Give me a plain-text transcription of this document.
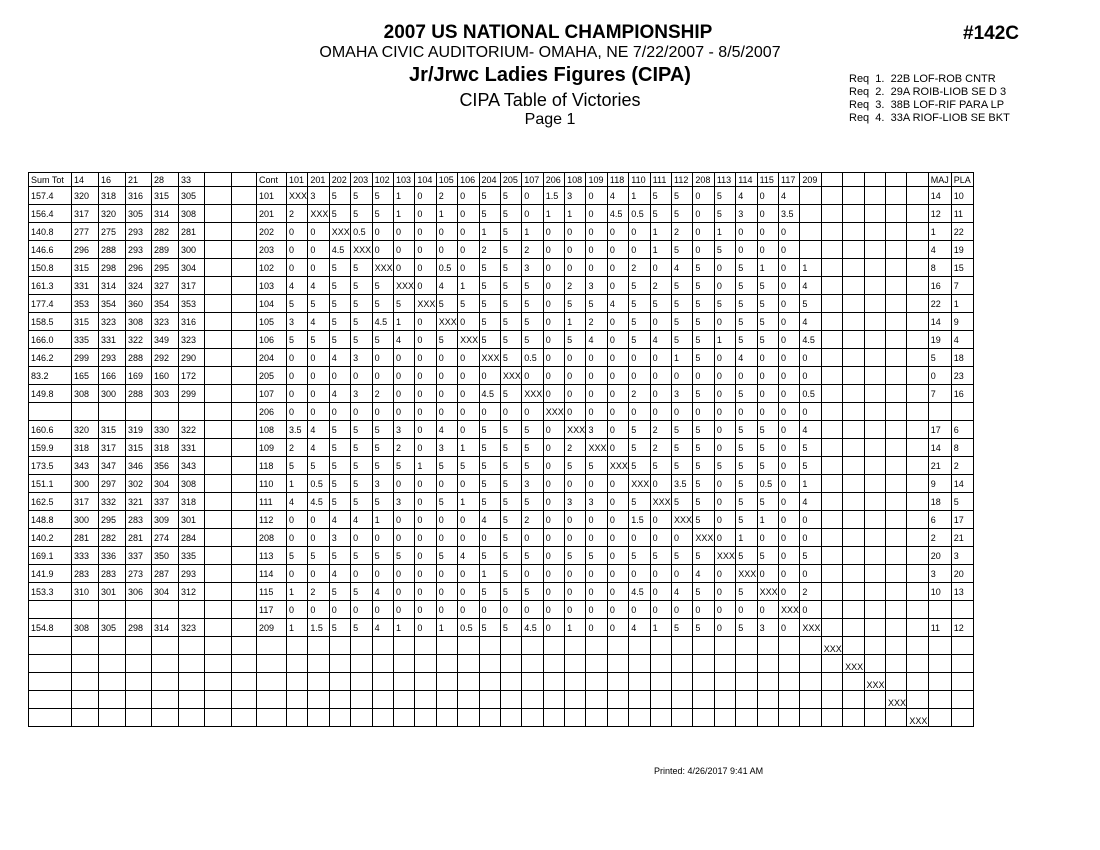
2007 US NATIONAL CHAMPIONSHIP
OMAHA CIVIC AUDITORIUM- OMAHA, NE 7/22/2007 - 8/5/2007
Jr/Jrwc Ladies Figures (CIPA)
CIPA Table of Victories
Page 1
#142C
Req  1.  22B LOF-ROB CNTR
Req  2.  29A ROIB-LIOB SE D 3
Req  3.  38B LOF-RIF PARA LP
Req  4.  33A RIOF-LIOB SE BKT
Sum Tot	14	16	21	28	33			Cont	101	201	202	203	102	103	104	105	106	204	205	107	206	108	109	118	110	111	112	208	113	114	115	117	209						MAJ	PLA
157.4	320	318	316	315	305			101	XXX	3	5	5	5	1	0	2	0	5	5	0	1.5	3	0	4	1	5	5	0	5	4	0	4							14	10
156.4	317	320	305	314	308			201	2	XXX	5	5	5	1	0	1	0	5	5	0	1	1	0	4.5	0.5	5	5	0	5	3	0	3.5							12	11
140.8	277	275	293	282	281			202	0	0	XXX	0.5	0	0	0	0	0	1	5	1	0	0	0	0	0	1	2	0	1	0	0	0							1	22
146.6	296	288	293	289	300			203	0	0	4.5	XXX	0	0	0	0	0	2	5	2	0	0	0	0	0	1	5	0	5	0	0	0							4	19
150.8	315	298	296	295	304			102	0	0	5	5	XXX	0	0	0.5	0	5	5	3	0	0	0	0	2	0	4	5	0	5	1	0	1						8	15
161.3	331	314	324	327	317			103	4	4	5	5	5	XXX	0	4	1	5	5	5	0	2	3	0	5	2	5	5	0	5	5	0	4						16	7
177.4	353	354	360	354	353			104	5	5	5	5	5	5	XXX	5	5	5	5	5	0	5	5	4	5	5	5	5	5	5	5	0	5						22	1
158.5	315	323	308	323	316			105	3	4	5	5	4.5	1	0	XXX	0	5	5	5	0	1	2	0	5	0	5	5	0	5	5	0	4						14	9
166.0	335	331	322	349	323			106	5	5	5	5	5	4	0	5	XXX	5	5	5	0	5	4	0	5	4	5	5	1	5	5	0	4.5						19	4
146.2	299	293	288	292	290			204	0	0	4	3	0	0	0	0	0	XXX	5	0.5	0	0	0	0	0	0	1	5	0	4	0	0	0						5	18
83.2	165	166	169	160	172			205	0	0	0	0	0	0	0	0	0	0	XXX	0	0	0	0	0	0	0	0	0	0	0	0	0	0						0	23
149.8	308	300	288	303	299			107	0	0	4	3	2	0	0	0	0	4.5	5	XXX	0	0	0	0	2	0	3	5	0	5	0	0	0.5						7	16
								206	0	0	0	0	0	0	0	0	0	0	0	0	XXX	0	0	0	0	0	0	0	0	0	0	0	0							
160.6	320	315	319	330	322			108	3.5	4	5	5	5	3	0	4	0	5	5	5	0	XXX	3	0	5	2	5	5	0	5	5	0	4						17	6
159.9	318	317	315	318	331			109	2	4	5	5	5	2	0	3	1	5	5	5	0	2	XXX	0	5	2	5	5	0	5	5	0	5						14	8
173.5	343	347	346	356	343			118	5	5	5	5	5	5	1	5	5	5	5	5	0	5	5	XXX	5	5	5	5	5	5	5	0	5						21	2
151.1	300	297	302	304	308			110	1	0.5	5	5	3	0	0	0	0	5	5	3	0	0	0	0	XXX	0	3.5	5	0	5	0.5	0	1						9	14
162.5	317	332	321	337	318			111	4	4.5	5	5	5	3	0	5	1	5	5	5	0	3	3	0	5	XXX	5	5	0	5	5	0	4						18	5
148.8	300	295	283	309	301			112	0	0	4	4	1	0	0	0	0	4	5	2	0	0	0	0	1.5	0	XXX	5	0	5	1	0	0						6	17
140.2	281	282	281	274	284			208	0	0	3	0	0	0	0	0	0	0	5	0	0	0	0	0	0	0	0	XXX	0	1	0	0	0						2	21
169.1	333	336	337	350	335			113	5	5	5	5	5	5	0	5	4	5	5	5	0	5	5	0	5	5	5	5	XXX	5	5	0	5						20	3
141.9	283	283	273	287	293			114	0	0	4	0	0	0	0	0	0	1	5	0	0	0	0	0	0	0	0	4	0	XXX	0	0	0						3	20
153.3	310	301	306	304	312			115	1	2	5	5	4	0	0	0	0	5	5	5	0	0	0	0	4.5	0	4	5	0	5	XXX	0	2						10	13
								117	0	0	0	0	0	0	0	0	0	0	0	0	0	0	0	0	0	0	0	0	0	0	0	XXX	0							
154.8	308	305	298	314	323			209	1	1.5	5	5	4	1	0	1	0.5	5	5	4.5	0	1	0	0	4	1	5	5	0	5	3	0	XXX						11	12
																																		XXX						
																																			XXX					
																																				XXX				
																																					XXX			
																																						XXX		
Printed: 4/26/2017 9:41 AM
